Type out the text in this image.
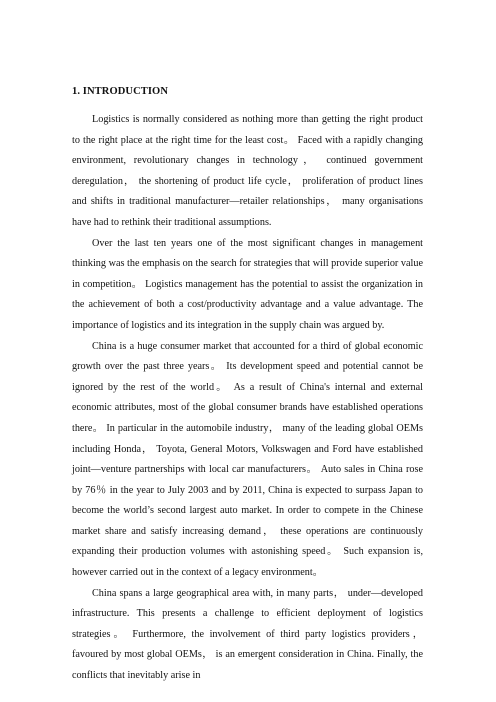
1. INTRODUCTION

Logistics is normally considered as nothing more than getting the right product to the right place at the right time for the least cost。 Faced with a rapidly changing environment, revolutionary changes in technology， continued government deregulation， the shortening of product life cycle， proliferation of product lines and shifts in traditional manufacturer—retailer relationships， many organisations have had to rethink their traditional assumptions.

Over the last ten years one of the most significant changes in management thinking was the emphasis on the search for strategies that will provide superior value in competition。 Logistics management has the potential to assist the organization in the achievement of both a cost/productivity advantage and a value advantage. The importance of logistics and its integration in the supply chain was argued by.

China is a huge consumer market that accounted for a third of global economic growth over the past three years。 Its development speed and potential cannot be ignored by the rest of the world。 As a result of China's internal and external economic attributes, most of the global consumer brands have established operations there。 In particular in the automobile industry， many of the leading global OEMs including Honda， Toyota, General Motors, Volkswagen and Ford have established joint—venture partnerships with local car manufacturers。 Auto sales in China rose by 76％ in the year to July 2003 and by 2011, China is expected to surpass Japan to become the world’s second largest auto market. In order to compete in the Chinese market share and satisfy increasing demand， these operations are continuously expanding their production volumes with astonishing speed。 Such expansion is, however carried out in the context of a legacy environment。

China spans a large geographical area with, in many parts， under—developed infrastructure. This presents a challenge to efficient deployment of logistics strategies。 Furthermore, the involvement of third party logistics providers， favoured by most global OEMs， is an emergent consideration in China. Finally, the conflicts that inevitably arise in
